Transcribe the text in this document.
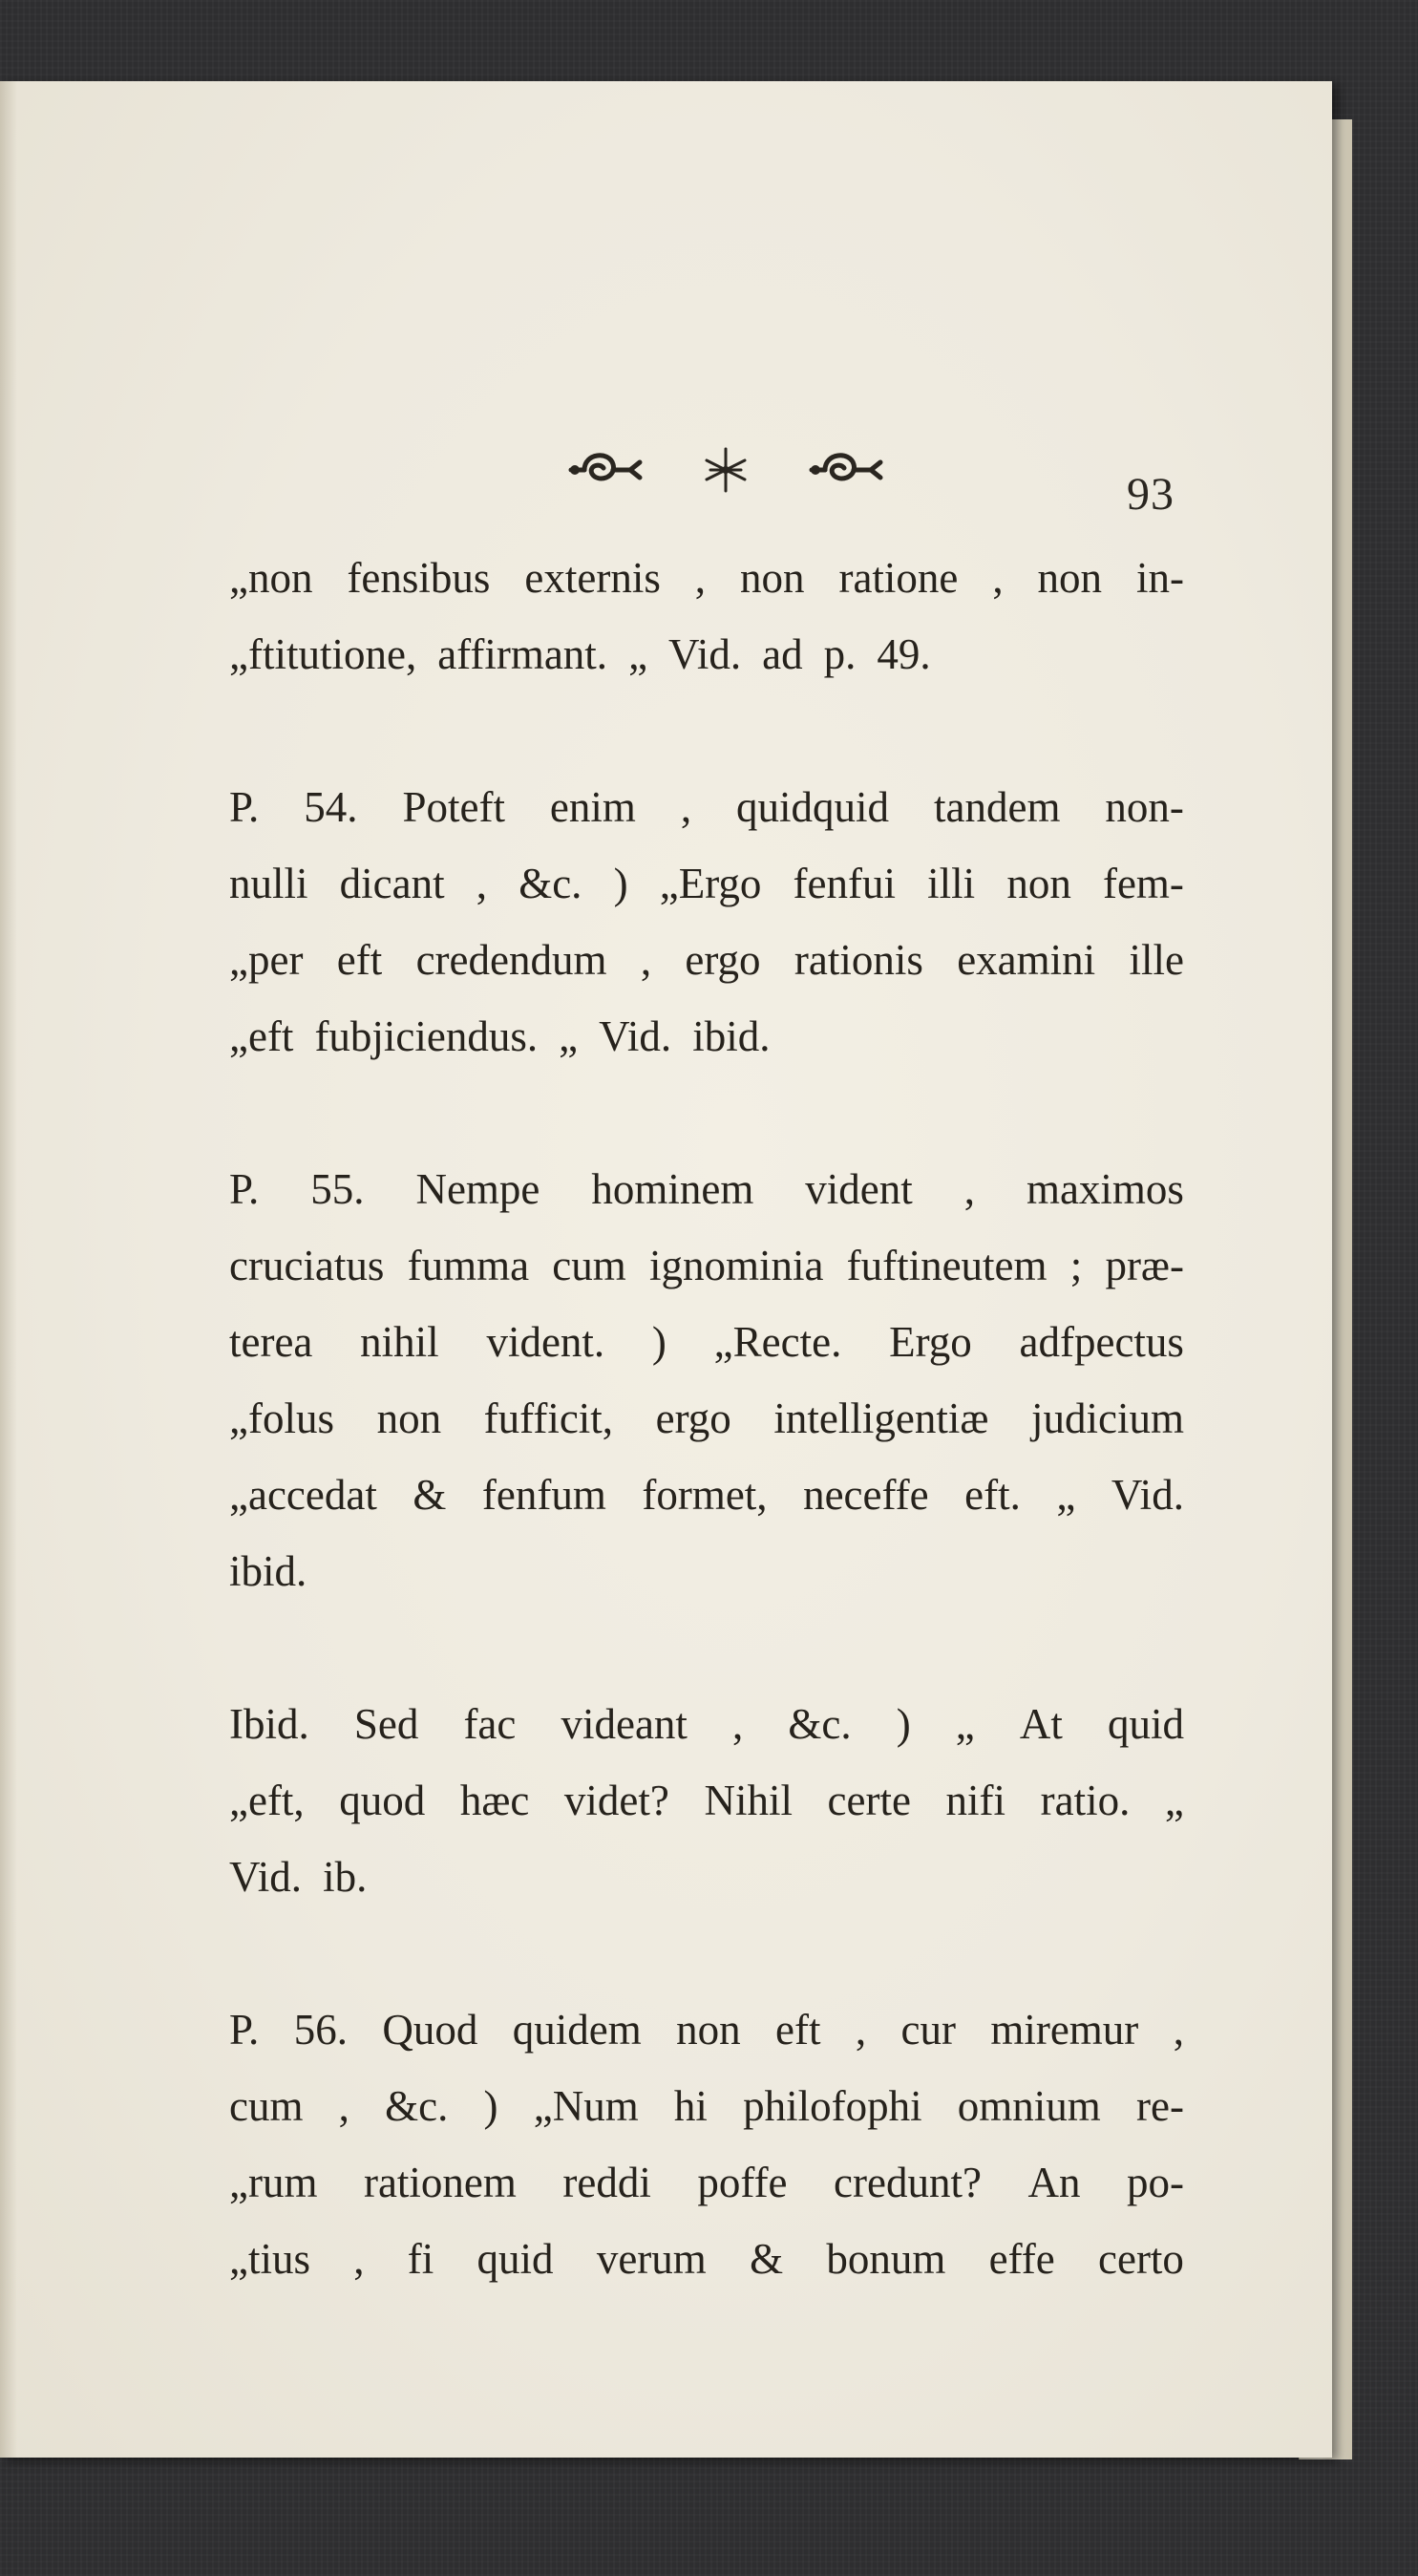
93
„non fensibus externis , non ratione , non in-
„ftitutione, affirmant. „ Vid. ad p. 49.
P. 54. Poteft enim , quidquid tandem non-
nulli dicant , &c. ) „Ergo fenfui illi non fem-
„per eft credendum , ergo rationis examini ille
„eft fubjiciendus. „ Vid. ibid.
P. 55. Nempe hominem vident , maximos
cruciatus fumma cum ignominia fuftineutem ; præ-
terea nihil vident. ) „Recte. Ergo adfpectus
„folus non fufficit, ergo intelligentiæ judicium
„accedat & fenfum formet, neceffe eft. „ Vid.
ibid.
Ibid. Sed fac videant , &c. ) „ At quid
„eft, quod hæc videt? Nihil certe nifi ratio. „
Vid. ib.
P. 56. Quod quidem non eft , cur miremur ,
cum , &c. ) „Num hi philofophi omnium re-
„rum rationem reddi poffe credunt? An po-
„tius , fi quid verum & bonum effe certo
